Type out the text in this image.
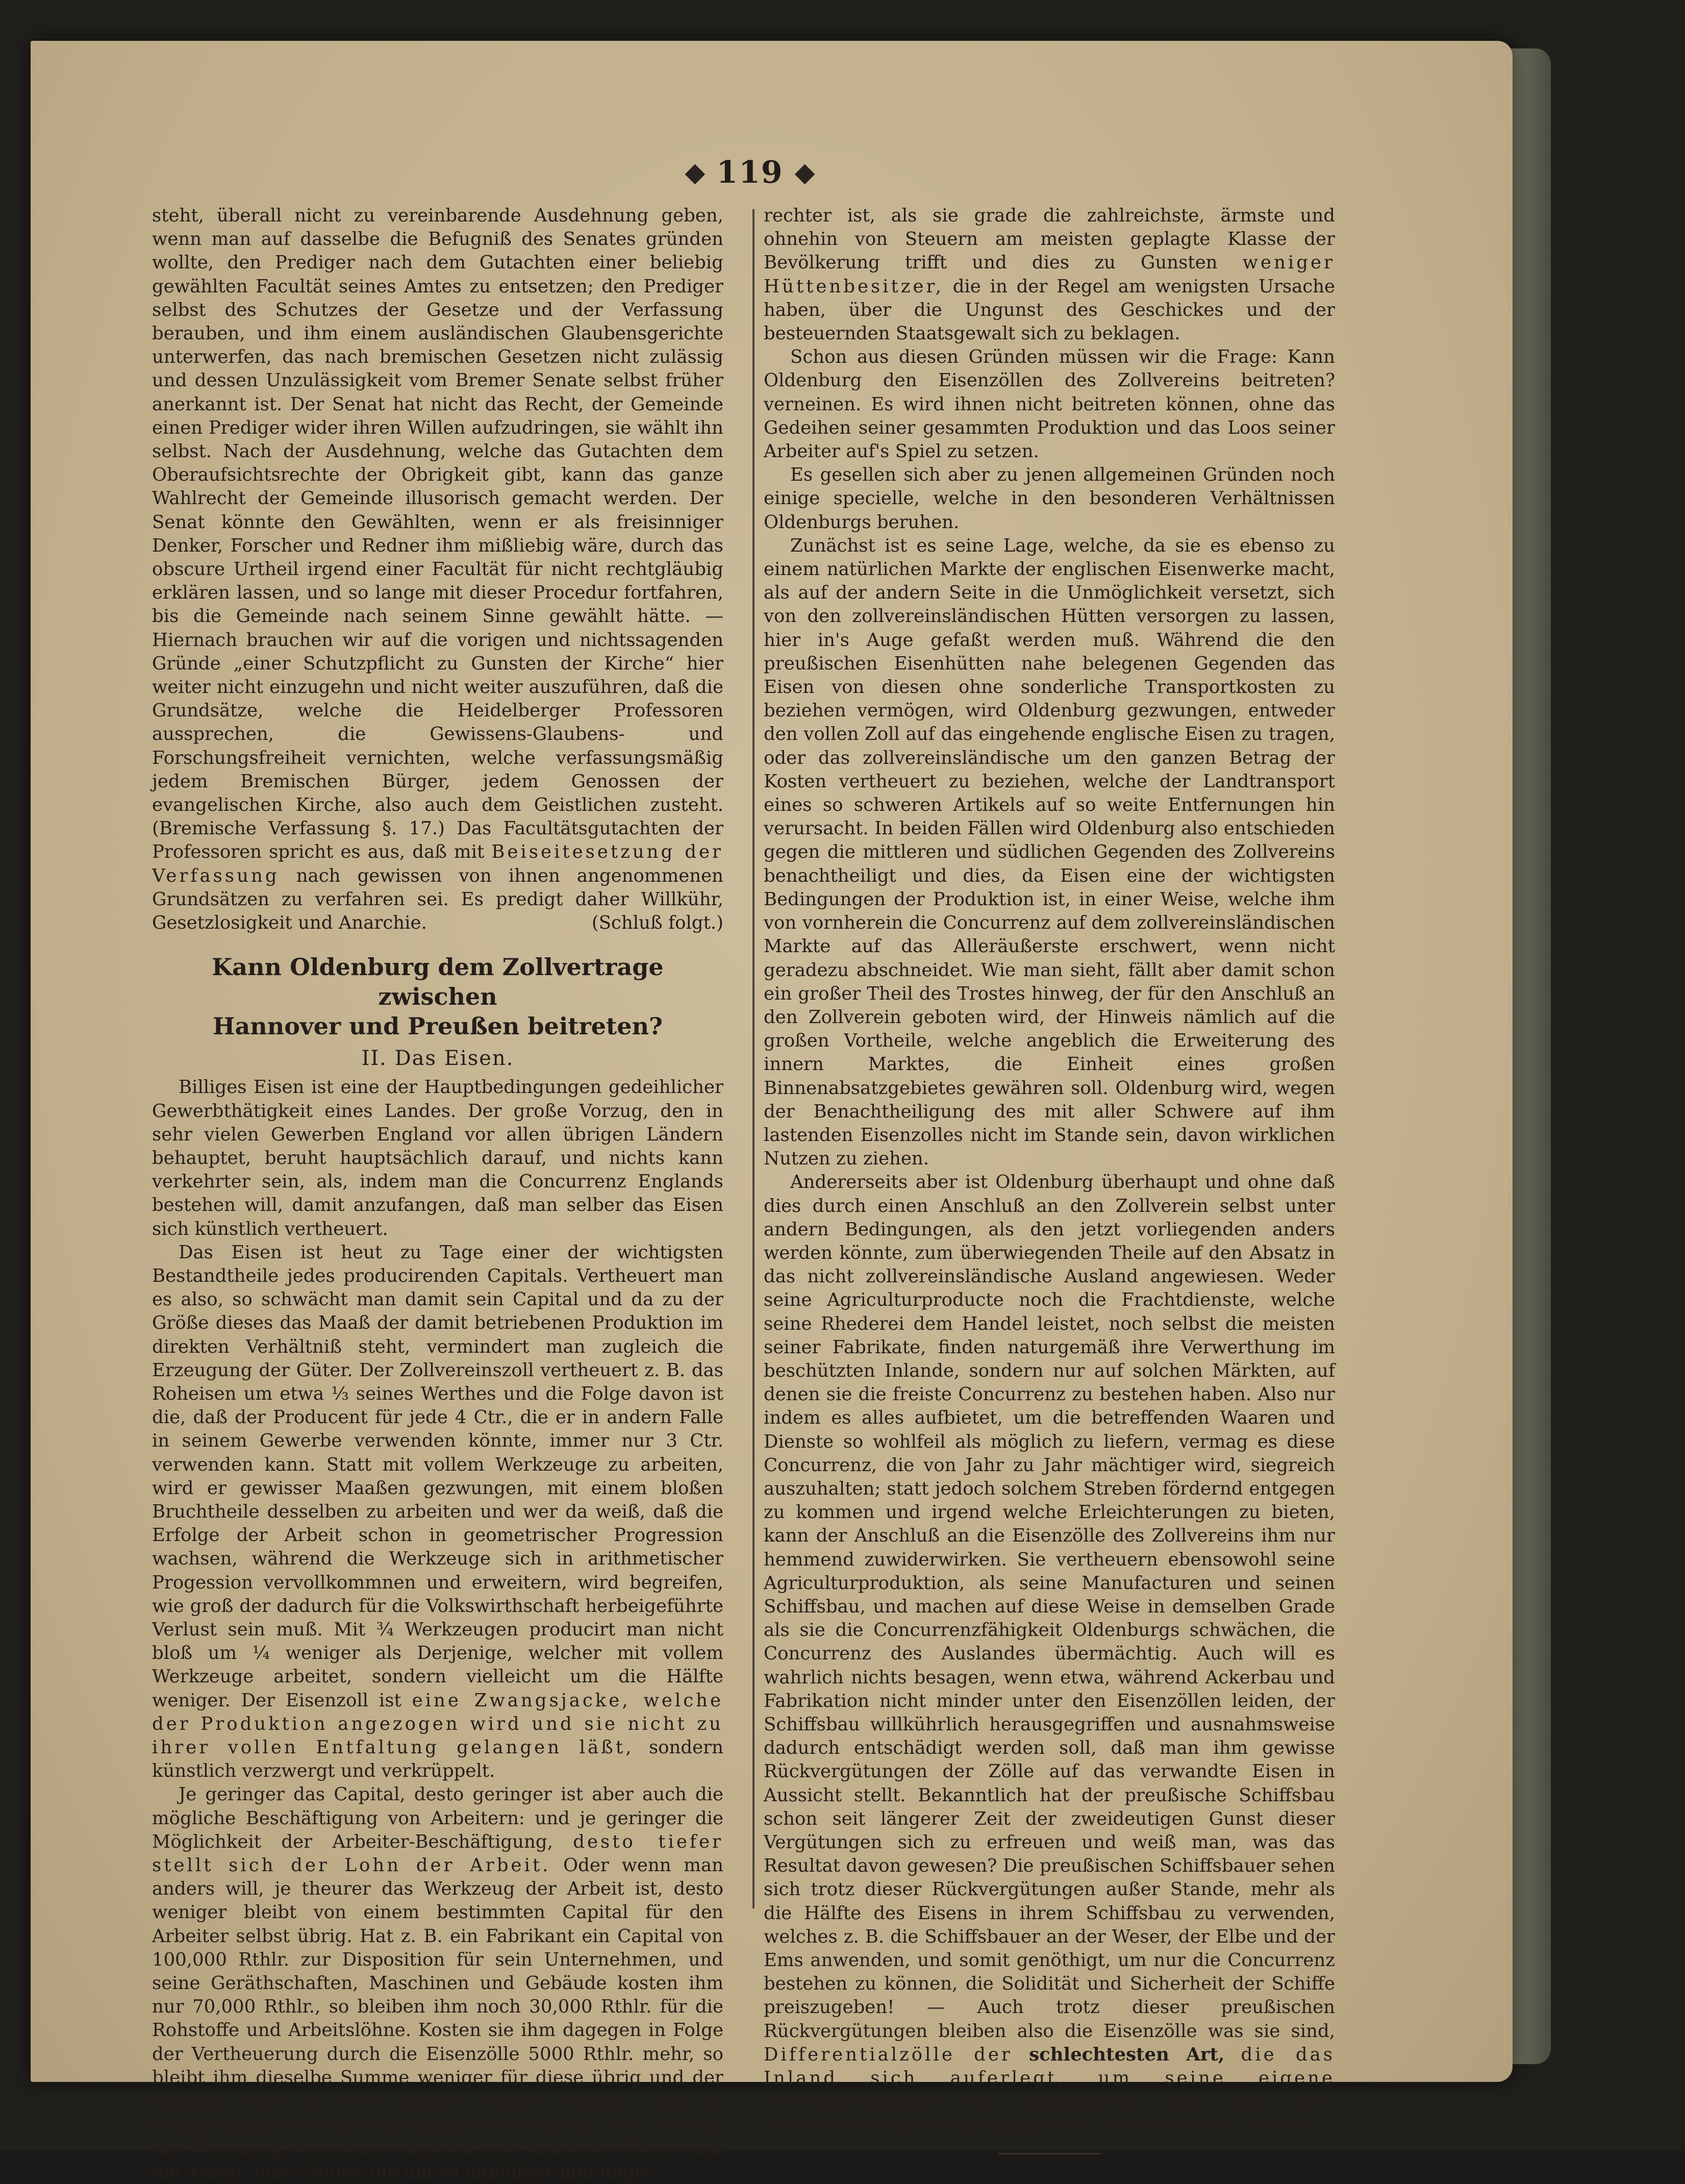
◆ 119 ◆

steht, überall nicht zu vereinbarende Ausdehnung geben, wenn man auf dasselbe die Befugniß des Senates gründen wollte, den Prediger nach dem Gutachten einer beliebig gewählten Facultät seines Amtes zu entsetzen; den Prediger selbst des Schutzes der Gesetze und der Verfassung berauben, und ihm einem ausländischen Glaubensgerichte unterwerfen, das nach bremischen Gesetzen nicht zulässig und dessen Unzulässigkeit vom Bremer Senate selbst früher anerkannt ist. Der Senat hat nicht das Recht, der Gemeinde einen Prediger wider ihren Willen aufzudringen, sie wählt ihn selbst. Nach der Ausdehnung, welche das Gutachten dem Oberaufsichtsrechte der Obrigkeit gibt, kann das ganze Wahlrecht der Gemeinde illusorisch gemacht werden. Der Senat könnte den Gewählten, wenn er als freisinniger Denker, Forscher und Redner ihm mißliebig wäre, durch das obscure Urtheil irgend einer Facultät für nicht rechtgläubig erklären lassen, und so lange mit dieser Procedur fortfahren, bis die Gemeinde nach seinem Sinne gewählt hätte. — Hiernach brauchen wir auf die vorigen und nichtssagenden Gründe „einer Schutzpflicht zu Gunsten der Kirche“ hier weiter nicht einzugehn und nicht weiter auszuführen, daß die Grundsätze, welche die Heidelberger Professoren aussprechen, die Gewissens-Glaubens- und Forschungsfreiheit vernichten, welche verfassungsmäßig jedem Bremischen Bürger, jedem Genossen der evangelischen Kirche, also auch dem Geistlichen zusteht. (Bremische Verfassung §. 17.) Das Facultätsgutachten der Professoren spricht es aus, daß mit Beiseitesetzung der Verfassung nach gewissen von ihnen angenommenen Grundsätzen zu verfahren sei. Es predigt daher Willkühr, Gesetzlosigkeit und Anarchie.	(Schluß folgt.)

Kann Oldenburg dem Zollvertrage zwischen
Hannover und Preußen beitreten?
II. Das Eisen.

Billiges Eisen ist eine der Hauptbedingungen gedeihlicher Gewerbthätigkeit eines Landes. Der große Vorzug, den in sehr vielen Gewerben England vor allen übrigen Ländern behauptet, beruht hauptsächlich darauf, und nichts kann verkehrter sein, als, indem man die Concurrenz Englands bestehen will, damit anzufangen, daß man selber das Eisen sich künstlich vertheuert.

Das Eisen ist heut zu Tage einer der wichtigsten Bestandtheile jedes producirenden Capitals. Vertheuert man es also, so schwächt man damit sein Capital und da zu der Größe dieses das Maaß der damit betriebenen Produktion im direkten Verhältniß steht, vermindert man zugleich die Erzeugung der Güter. Der Zollvereinszoll vertheuert z. B. das Roheisen um etwa ⅓ seines Werthes und die Folge davon ist die, daß der Producent für jede 4 Ctr., die er in andern Falle in seinem Gewerbe verwenden könnte, immer nur 3 Ctr. verwenden kann. Statt mit vollem Werkzeuge zu arbeiten, wird er gewisser Maaßen gezwungen, mit einem bloßen Bruchtheile desselben zu arbeiten und wer da weiß, daß die Erfolge der Arbeit schon in geometrischer Progression wachsen, während die Werkzeuge sich in arithmetischer Progession vervollkommnen und erweitern, wird begreifen, wie groß der dadurch für die Volkswirthschaft herbeigeführte Verlust sein muß. Mit ¾ Werkzeugen producirt man nicht bloß um ¼ weniger als Derjenige, welcher mit vollem Werkzeuge arbeitet, sondern vielleicht um die Hälfte weniger. Der Eisenzoll ist eine Zwangsjacke, welche der Produktion angezogen wird und sie nicht zu ihrer vollen Entfaltung gelangen läßt, sondern künstlich verzwergt und verkrüppelt.

Je geringer das Capital, desto geringer ist aber auch die mögliche Beschäftigung von Arbeitern: und je geringer die Möglichkeit der Arbeiter-Beschäftigung, desto tiefer stellt sich der Lohn der Arbeit. Oder wenn man anders will, je theurer das Werkzeug der Arbeit ist, desto weniger bleibt von einem bestimmten Capital für den Arbeiter selbst übrig. Hat z. B. ein Fabrikant ein Capital von 100,000 Rthlr. zur Disposition für sein Unternehmen, und seine Geräthschaften, Maschinen und Gebäude kosten ihm nur 70,000 Rthlr., so bleiben ihm noch 30,000 Rthlr. für die Rohstoffe und Arbeitslöhne. Kosten sie ihm dagegen in Folge der Vertheuerung durch die Eisenzölle 5000 Rthlr. mehr, so bleibt ihm dieselbe Summe weniger für diese übrig und der Arbeiter muß es sich gefallen lassen, seinen Lohn in entsprechender Weise herabgesetzt zu sehen. Der Zoll auf das Werkzeug wird somit zugleich eine lähmende Steuer auf die Arbeit, eine Steuer, die um so unbilliger und unge-

rechter ist, als sie grade die zahlreichste, ärmste und ohnehin von Steuern am meisten geplagte Klasse der Bevölkerung trifft und dies zu Gunsten weniger Hüttenbesitzer, die in der Regel am wenigsten Ursache haben, über die Ungunst des Geschickes und der besteuernden Staatsgewalt sich zu beklagen.

Schon aus diesen Gründen müssen wir die Frage: Kann Oldenburg den Eisenzöllen des Zollvereins beitreten? verneinen. Es wird ihnen nicht beitreten können, ohne das Gedeihen seiner gesammten Produktion und das Loos seiner Arbeiter auf's Spiel zu setzen.

Es gesellen sich aber zu jenen allgemeinen Gründen noch einige specielle, welche in den besonderen Verhältnissen Oldenburgs beruhen.

Zunächst ist es seine Lage, welche, da sie es ebenso zu einem natürlichen Markte der englischen Eisenwerke macht, als auf der andern Seite in die Unmöglichkeit versetzt, sich von den zollvereinsländischen Hütten versorgen zu lassen, hier in's Auge gefaßt werden muß. Während die den preußischen Eisenhütten nahe belegenen Gegenden das Eisen von diesen ohne sonderliche Transportkosten zu beziehen vermögen, wird Oldenburg gezwungen, entweder den vollen Zoll auf das eingehende englische Eisen zu tragen, oder das zollvereinsländische um den ganzen Betrag der Kosten vertheuert zu beziehen, welche der Landtransport eines so schweren Artikels auf so weite Entfernungen hin verursacht. In beiden Fällen wird Oldenburg also entschieden gegen die mittleren und südlichen Gegenden des Zollvereins benachtheiligt und dies, da Eisen eine der wichtigsten Bedingungen der Produktion ist, in einer Weise, welche ihm von vornherein die Concurrenz auf dem zollvereinsländischen Markte auf das Alleräußerste erschwert, wenn nicht geradezu abschneidet. Wie man sieht, fällt aber damit schon ein großer Theil des Trostes hinweg, der für den Anschluß an den Zollverein geboten wird, der Hinweis nämlich auf die großen Vortheile, welche angeblich die Erweiterung des innern Marktes, die Einheit eines großen Binnenabsatzgebietes gewähren soll. Oldenburg wird, wegen der Benachtheiligung des mit aller Schwere auf ihm lastenden Eisenzolles nicht im Stande sein, davon wirklichen Nutzen zu ziehen.

Andererseits aber ist Oldenburg überhaupt und ohne daß dies durch einen Anschluß an den Zollverein selbst unter andern Bedingungen, als den jetzt vorliegenden anders werden könnte, zum überwiegenden Theile auf den Absatz in das nicht zollvereinsländische Ausland angewiesen. Weder seine Agriculturproducte noch die Frachtdienste, welche seine Rhederei dem Handel leistet, noch selbst die meisten seiner Fabrikate, finden naturgemäß ihre Verwerthung im beschützten Inlande, sondern nur auf solchen Märkten, auf denen sie die freiste Concurrenz zu bestehen haben. Also nur indem es alles aufbietet, um die betreffenden Waaren und Dienste so wohlfeil als möglich zu liefern, vermag es diese Concurrenz, die von Jahr zu Jahr mächtiger wird, siegreich auszuhalten; statt jedoch solchem Streben fördernd entgegen zu kommen und irgend welche Erleichterungen zu bieten, kann der Anschluß an die Eisenzölle des Zollvereins ihm nur hemmend zuwiderwirken. Sie vertheuern ebensowohl seine Agriculturproduktion, als seine Manufacturen und seinen Schiffsbau, und machen auf diese Weise in demselben Grade als sie die Concurrenzfähigkeit Oldenburgs schwächen, die Concurrenz des Auslandes übermächtig. Auch will es wahrlich nichts besagen, wenn etwa, während Ackerbau und Fabrikation nicht minder unter den Eisenzöllen leiden, der Schiffsbau willkührlich herausgegriffen und ausnahmsweise dadurch entschädigt werden soll, daß man ihm gewisse Rückvergütungen der Zölle auf das verwandte Eisen in Aussicht stellt. Bekanntlich hat der preußische Schiffsbau schon seit längerer Zeit der zweideutigen Gunst dieser Vergütungen sich zu erfreuen und weiß man, was das Resultat davon gewesen? Die preußischen Schiffsbauer sehen sich trotz dieser Rückvergütungen außer Stande, mehr als die Hälfte des Eisens in ihrem Schiffsbau zu verwenden, welches z. B. die Schiffsbauer an der Weser, der Elbe und der Ems anwenden, und somit genöthigt, um nur die Concurrenz bestehen zu können, die Solidität und Sicherheit der Schiffe preiszugeben! — Auch trotz dieser preußischen Rückvergütungen bleiben also die Eisenzölle was sie sind, Differentialzölle der schlechtesten Art, die das Inland sich auferlegt, um seine eigene Gewerbsamkeit zu schädigen und die des concurrirenden Auslandes in Vortheil zu setzen.
